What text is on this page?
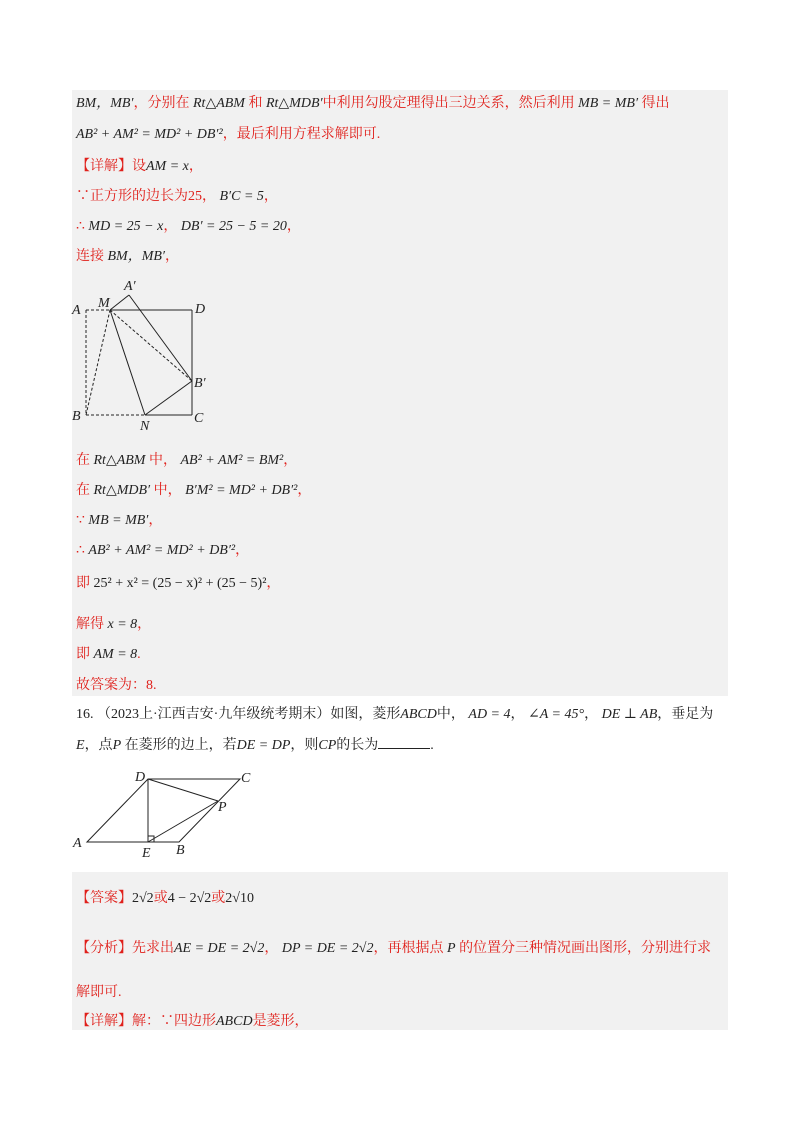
BM，MB′，分别在 Rt△ABM 和 Rt△MDB′中利用勾股定理得出三边关系，然后利用 MB = MB′ 得出
AB² + AM² = MD² + DB′²，最后利用方程求解即可.
【详解】设AM = x，
∵正方形的边长为25， B′C = 5，
∴ MD = 25 − x， DB′ = 25 − 5 = 20，
连接 BM，MB′，
A M
A′
D
B′
B
N
C
在 Rt△ABM 中， AB² + AM² = BM²，
在 Rt△MDB′ 中， B′M² = MD² + DB′²，
∵ MB = MB′，
∴ AB² + AM² = MD² + DB′²，
即 25² + x² = (25 − x)² + (25 − 5)²，
解得 x = 8，
即 AM = 8.
故答案为：8.
16. （2023上·江西吉安·九年级统考期末）如图，菱形ABCD中， AD = 4， ∠A = 45°， DE ⊥ AB，垂足为
E，点P 在菱形的边上，若DE = DP，则CP的长为	.
D	C
P
A
E B
【答案】2√2或4 − 2√2或2√10
【分析】先求出AE = DE = 2√2， DP = DE = 2√2，再根据点 P 的位置分三种情况画出图形，分别进行求
解即可.
【详解】解：∵四边形ABCD是菱形，
